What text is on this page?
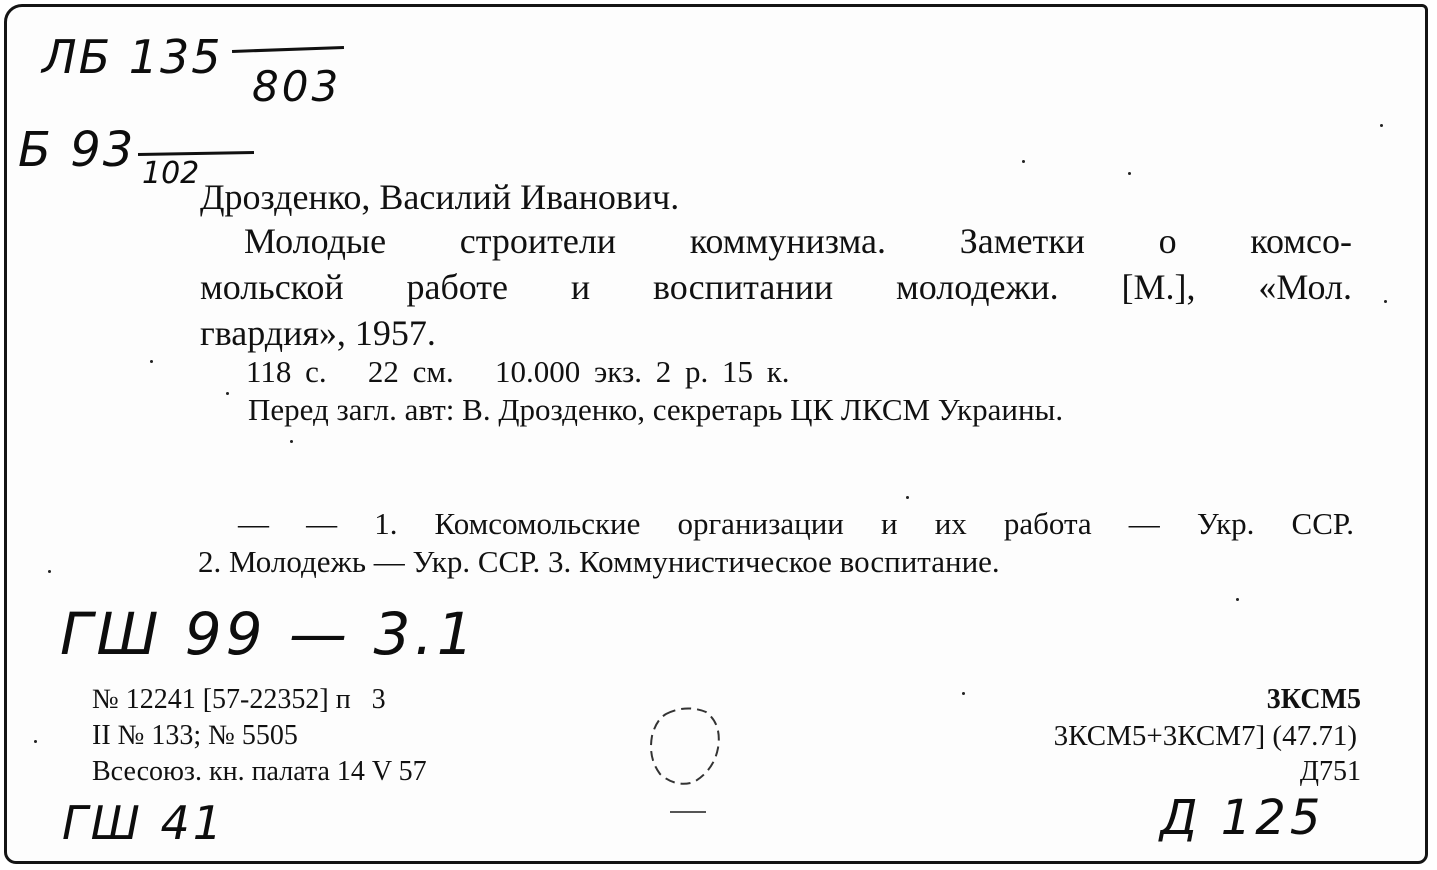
ЛБ 135
803
Б 93 102
Дрозденко, Василий Иванович.
Молодые строители коммунизма. Заметки о комсо-
мольской работе и воспитании молодежи. [М.], «Мол.
гвардия», 1957.
118 с.   22 см.   10.000 экз. 2 р. 15 к.
Перед загл. авт: В. Дрозденко, секретарь ЦК ЛКСМ Украины.
— — 1. Комсомольские организации и их работа — Укр. ССР.
2. Молодежь — Укр. ССР. 3. Коммунистическое воспитание.
ГШ 99 — 3.1
№ 12241 [57-22352] п   3
II № 133; № 5505
Всесоюз. кн. палата 14 V 57
3КСМ5
3КСМ5+3КСМ7] (47.71)
Д751
ГШ 41	Д 125
